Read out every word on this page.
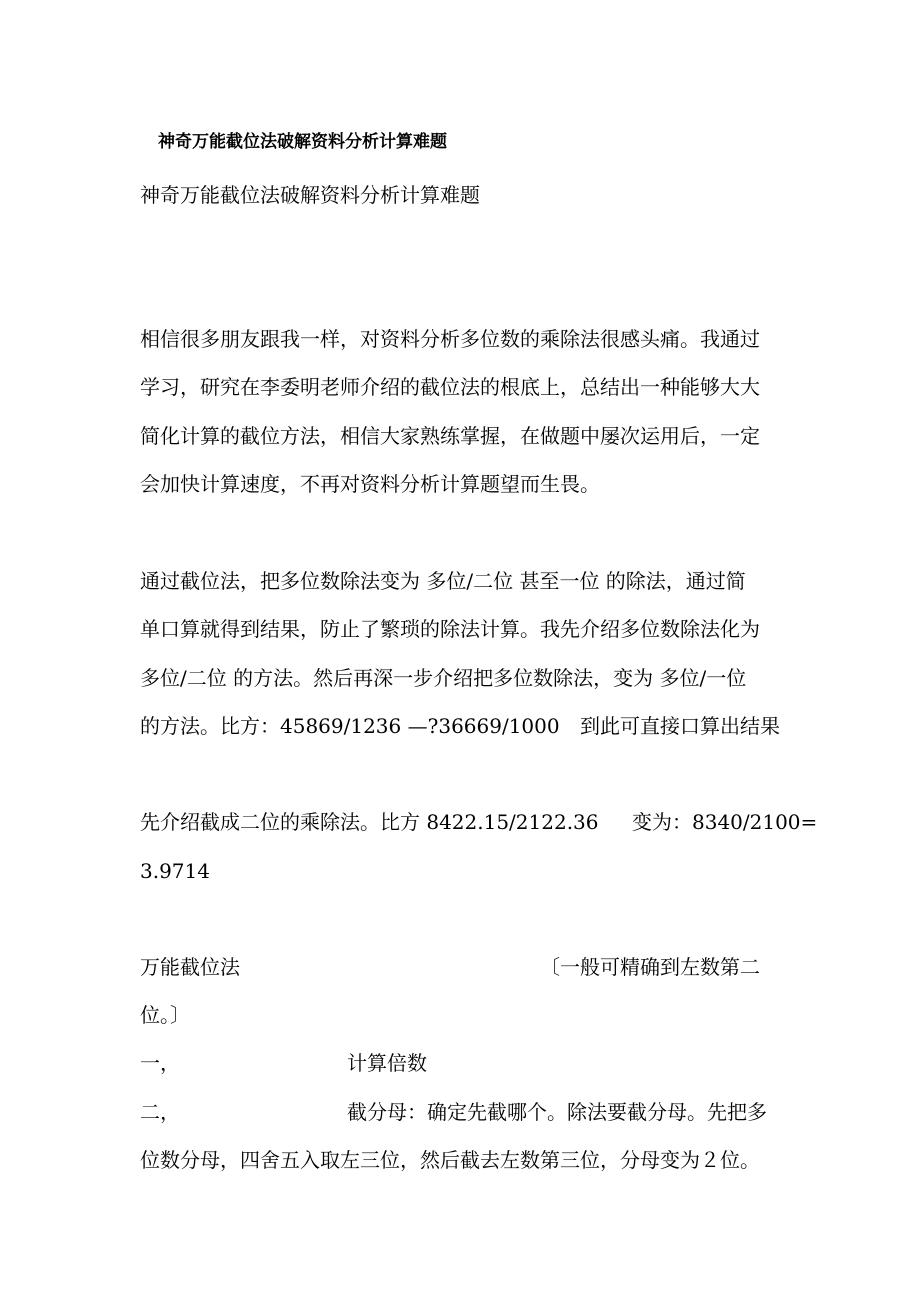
神奇万能截位法破解资料分析计算难题
神奇万能截位法破解资料分析计算难题
相信很多朋友跟我一样，对资料分析多位数的乘除法很感头痛。我通过
学习，研究在李委明老师介绍的截位法的根底上，总结出一种能够大大
简化计算的截位方法，相信大家熟练掌握，在做题中屡次运用后，一定
会加快计算速度，不再对资料分析计算题望而生畏。
通过截位法，把多位数除法变为 多位/二位 甚至一位 的除法，通过简
单口算就得到结果，防止了繁琐的除法计算。我先介绍多位数除法化为
多位/二位 的方法。然后再深一步介绍把多位数除法，变为 多位/一位
的方法。比方：45869/1236 —?36669/1000 到此可直接口算出结果
先介绍截成二位的乘除法。比方 8422.15/2122.36 变为：8340/2100=
3.9714
万能截位法	〔一般可精确到左数第二
位。〕
一，	计算倍数
二，	截分母：确定先截哪个。除法要截分母。先把多
位数分母，四舍五入取左三位，然后截去左数第三位，分母变为２位。
